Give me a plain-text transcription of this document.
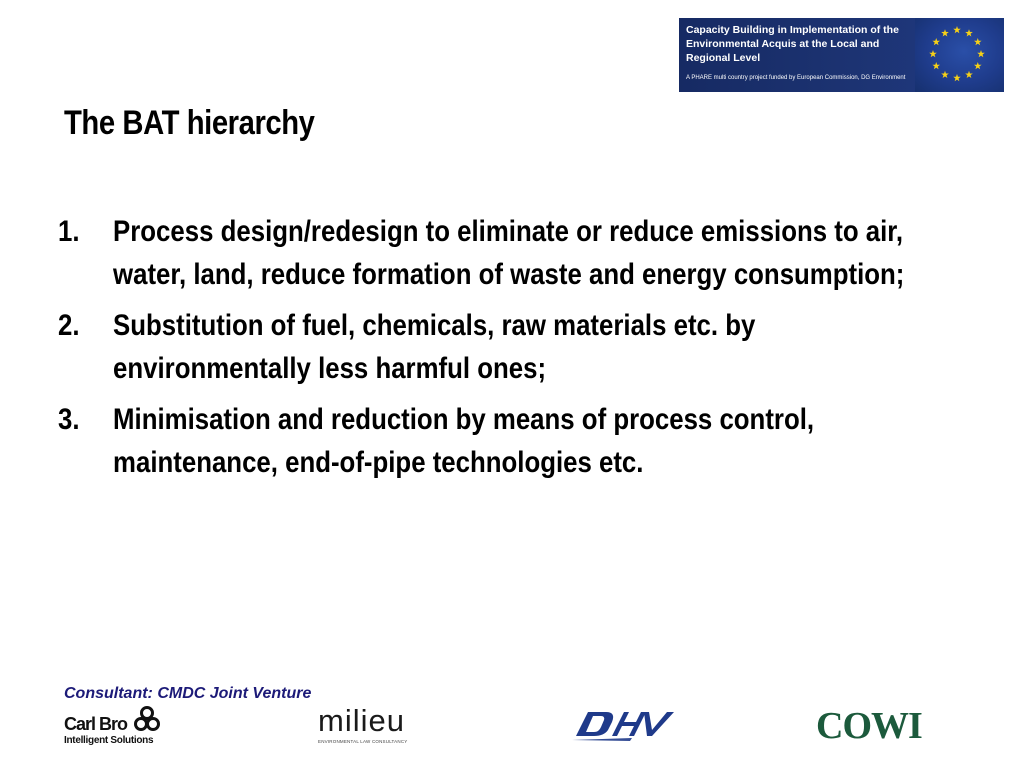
Capacity Building in Implementation of the Environmental Acquis at the Local and Regional Level
A PHARE multi country project funded by European Commission, DG Environment
The BAT hierarchy
1. Process design/redesign to eliminate or reduce emissions to air, water, land, reduce formation of waste and energy consumption;
2. Substitution of fuel, chemicals, raw materials etc. by environmentally less harmful ones;
3. Minimisation and reduction by means of process control, maintenance, end-of-pipe technologies etc.
Consultant: CMDC Joint Venture
Carl Bro
Intelligent Solutions
milieu
ENVIRONMENTAL LAW CONSULTANCY	COWI
